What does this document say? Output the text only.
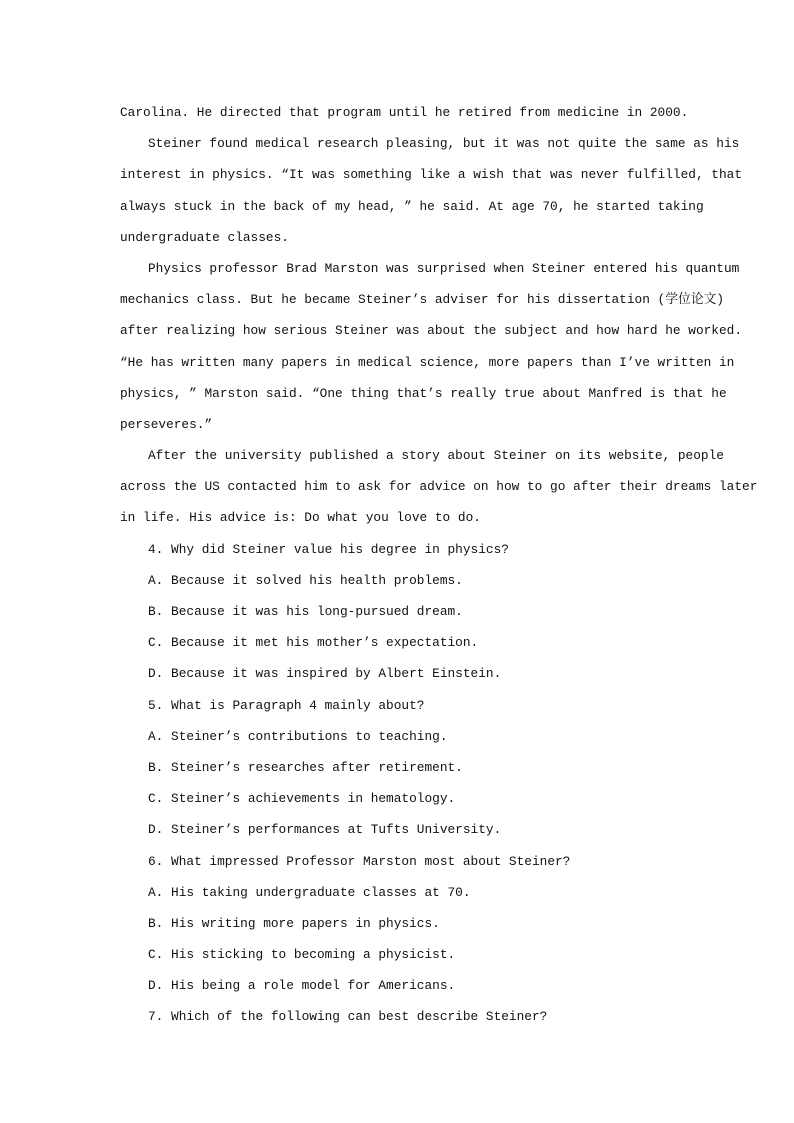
Carolina. He directed that program until he retired from medicine in 2000.
Steiner found medical research pleasing, but it was not quite the same as his
interest in physics. “It was something like a wish that was never fulfilled, that
always stuck in the back of my head, ” he said. At age 70, he started taking
undergraduate classes.
Physics professor Brad Marston was surprised when Steiner entered his quantum
mechanics class. But he became Steiner’s adviser for his dissertation (学位论文)
after realizing how serious Steiner was about the subject and how hard he worked.
“He has written many papers in medical science, more papers than I’ve written in
physics, ” Marston said. “One thing that’s really true about Manfred is that he
perseveres.”
After the university published a story about Steiner on its website, people
across the US contacted him to ask for advice on how to go after their dreams later
in life. His advice is: Do what you love to do.
4. Why did Steiner value his degree in physics?
A. Because it solved his health problems.
B. Because it was his long-pursued dream.
C. Because it met his mother’s expectation.
D. Because it was inspired by Albert Einstein.
5. What is Paragraph 4 mainly about?
A. Steiner’s contributions to teaching.
B. Steiner’s researches after retirement.
C. Steiner’s achievements in hematology.
D. Steiner’s performances at Tufts University.
6. What impressed Professor Marston most about Steiner?
A. His taking undergraduate classes at 70.
B. His writing more papers in physics.
C. His sticking to becoming a physicist.
D. His being a role model for Americans.
7. Which of the following can best describe Steiner?
